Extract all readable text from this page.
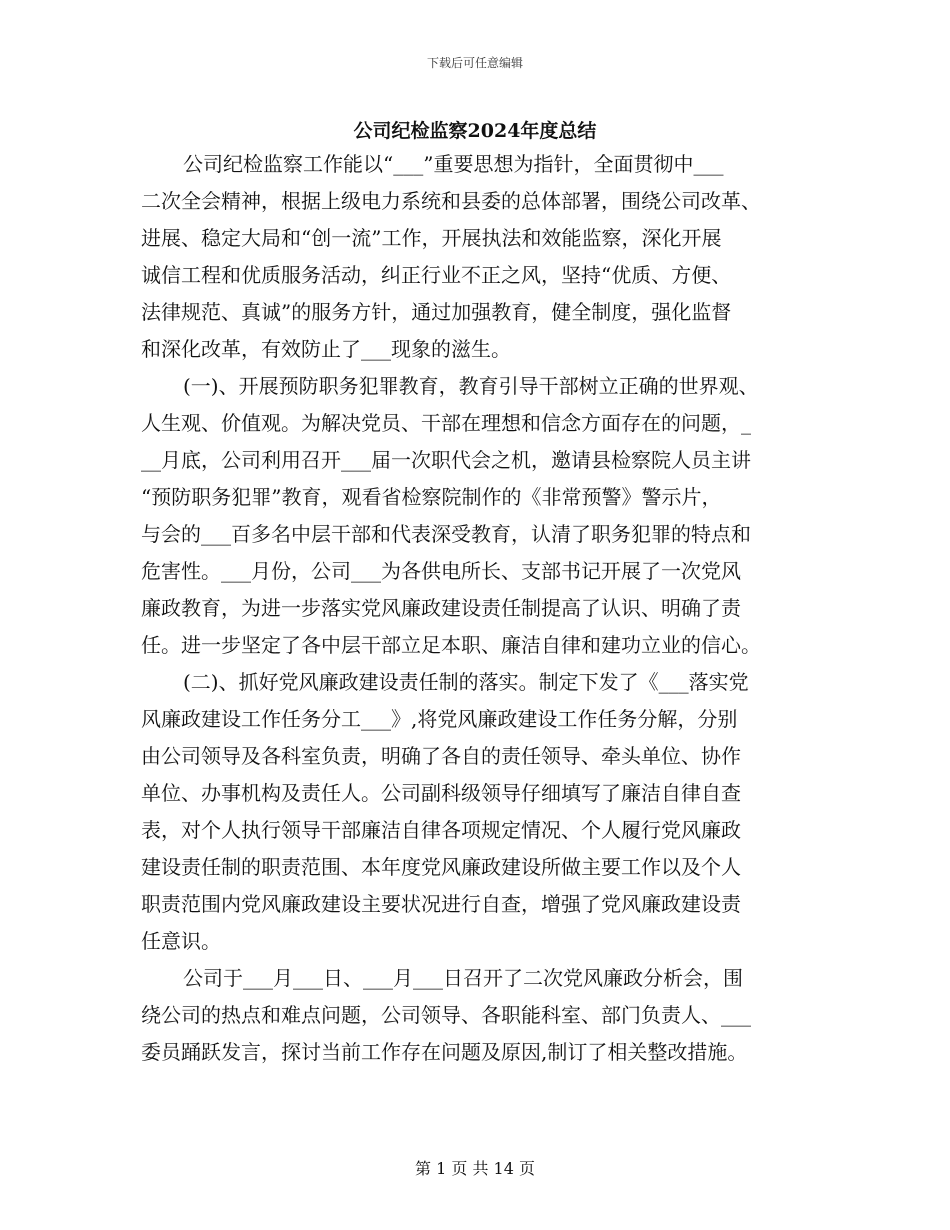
下载后可任意编辑
公司纪检监察2024年度总结
公司纪检监察工作能以“___”重要思想为指针，全面贯彻中___
二次全会精神，根据上级电力系统和县委的总体部署，围绕公司改革、
进展、稳定大局和“创一流”工作，开展执法和效能监察，深化开展
诚信工程和优质服务活动，纠正行业不正之风，坚持“优质、方便、
法律规范、真诚”的服务方针，通过加强教育，健全制度，强化监督
和深化改革，有效防止了___现象的滋生。
(一)、开展预防职务犯罪教育，教育引导干部树立正确的世界观、
人生观、价值观。为解决党员、干部在理想和信念方面存在的问题，_
__月底，公司利用召开___届一次职代会之机，邀请县检察院人员主讲
“预防职务犯罪”教育，观看省检察院制作的《非常预警》警示片，
与会的___百多名中层干部和代表深受教育，认清了职务犯罪的特点和
危害性。___月份，公司___为各供电所长、支部书记开展了一次党风
廉政教育，为进一步落实党风廉政建设责任制提高了认识、明确了责
任。进一步坚定了各中层干部立足本职、廉洁自律和建功立业的信心。
(二)、抓好党风廉政建设责任制的落实。制定下发了《___落实党
风廉政建设工作任务分工___》,将党风廉政建设工作任务分解，分别
由公司领导及各科室负责，明确了各自的责任领导、牵头单位、协作
单位、办事机构及责任人。公司副科级领导仔细填写了廉洁自律自查
表，对个人执行领导干部廉洁自律各项规定情况、个人履行党风廉政
建设责任制的职责范围、本年度党风廉政建设所做主要工作以及个人
职责范围内党风廉政建设主要状况进行自查，增强了党风廉政建设责
任意识。
公司于___月___日、___月___日召开了二次党风廉政分析会，围
绕公司的热点和难点问题，公司领导、各职能科室、部门负责人、___
委员踊跃发言，探讨当前工作存在问题及原因,制订了相关整改措施。
第 1 页 共 14 页
